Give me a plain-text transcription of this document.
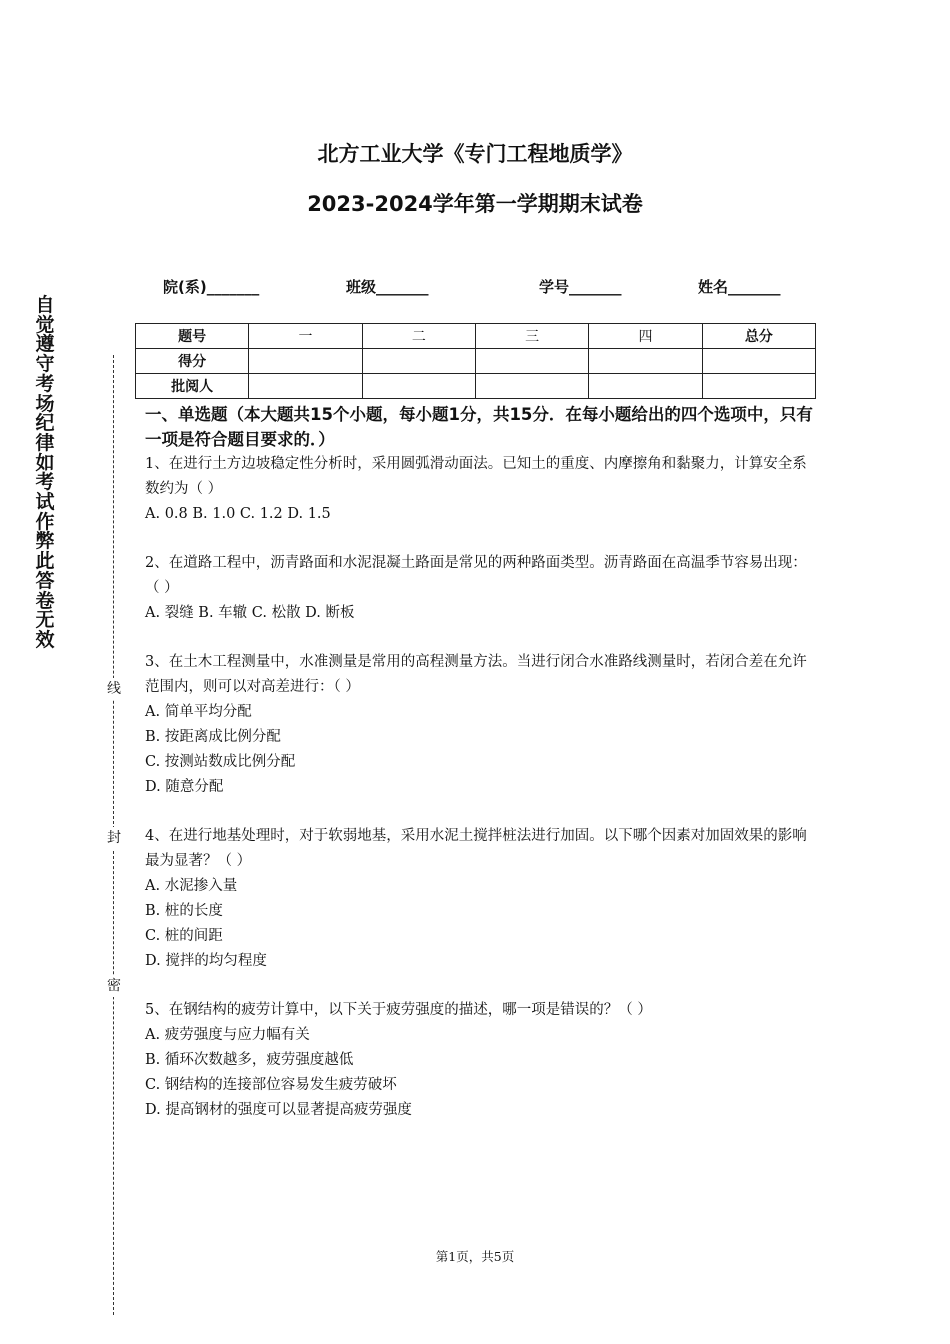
自觉遵守考场纪律如考试作弊此答卷无效
线
封
密
北方工业大学《专门工程地质学》
2023-2024学年第一学期期末试卷
院(系)_______	班级_______	学号_______	姓名_______
题号	一	二	三	四	总分
得分					
批阅人					
一、单选题（本大题共15个小题，每小题1分，共15分．在每小题给出的四个选项中，只有一项是符合题目要求的．）
1、在进行土方边坡稳定性分析时，采用圆弧滑动面法。已知土的重度、内摩擦角和黏聚力，计算安全系数约为（ ）
A. 0.8 B. 1.0 C. 1.2 D. 1.5
2、在道路工程中，沥青路面和水泥混凝土路面是常见的两种路面类型。沥青路面在高温季节容易出现：（ ）
A. 裂缝 B. 车辙 C. 松散 D. 断板
3、在土木工程测量中，水准测量是常用的高程测量方法。当进行闭合水准路线测量时，若闭合差在允许范围内，则可以对高差进行：（ ）
A. 简单平均分配
B. 按距离成比例分配
C. 按测站数成比例分配
D. 随意分配
4、在进行地基处理时，对于软弱地基，采用水泥土搅拌桩法进行加固。以下哪个因素对加固效果的影响最为显著？（ ）
A. 水泥掺入量
B. 桩的长度
C. 桩的间距
D. 搅拌的均匀程度
5、在钢结构的疲劳计算中，以下关于疲劳强度的描述，哪一项是错误的？（ ）
A. 疲劳强度与应力幅有关
B. 循环次数越多，疲劳强度越低
C. 钢结构的连接部位容易发生疲劳破坏
D. 提高钢材的强度可以显著提高疲劳强度
第1页，共5页
